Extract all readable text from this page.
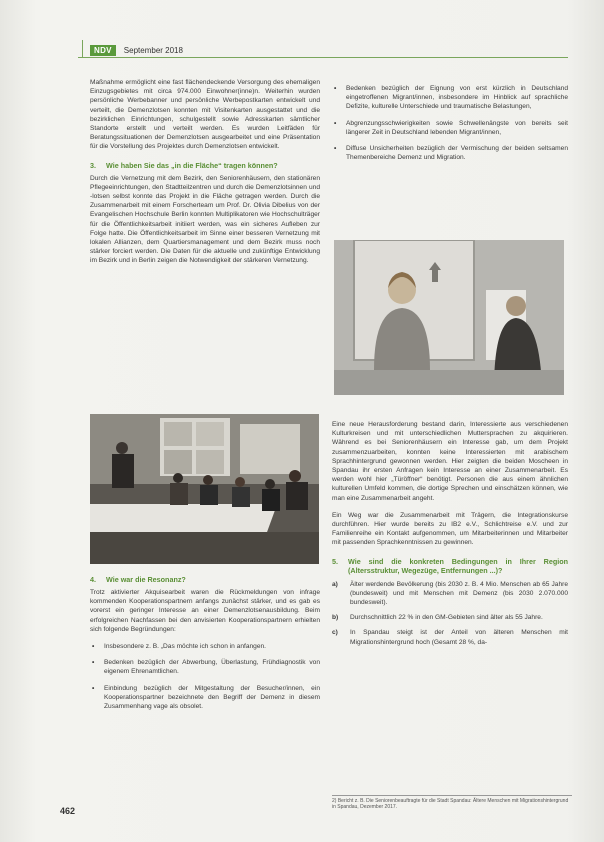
NDV	September 2018

Maßnahme ermöglicht eine fast flächendeckende Versorgung des ehemaligen Einzugsgebietes mit circa 974.000 Einwohner(inne)n. Weiterhin wurden persönliche Werbebanner und persönliche Werbepostkarten entwickelt und verteilt, die Demenzlotsen konnten mit Visitenkarten ausgestattet und die bezirklichen Einrichtungen, schulgestellt sowie Adresskarten sämtlicher Standorte erstellt und verteilt werden. Es wurden Leitfäden für Beratungssituationen der Demenzlotsen ausgearbeitet und eine Präsentation für die Vorstellung des Projektes durch Demenzlotsen entwickelt.

3.	Wie haben Sie das „in die Fläche“ tragen können?

Durch die Vernetzung mit dem Bezirk, den Seniorenhäusern, den stationären Pflegeeinrichtungen, den Stadtteilzentren und durch die Demenzlotsinnen und -lotsen selbst konnte das Projekt in die Fläche getragen werden. Durch die Zusammenarbeit mit einem Forscherteam um Prof. Dr. Olivia Dibelius von der Evangelischen Hochschule Berlin konnten Multiplikatoren wie Hochschulträger für die Öffentlichkeitsarbeit initiiert werden, was ein sicheres Aufleben zur Folge hatte. Die Öffentlichkeitsarbeit im Sinne einer besseren Vernetzung mit lokalen Allianzen, dem Quartiersmanagement und dem Bezirk muss noch stärker forciert werden. Die Daten für die aktuelle und zukünftige Entwicklung im Bezirk und in Berlin zeigen die Notwendigkeit der stärkeren Vernetzung.

4.	Wie war die Resonanz?

Trotz aktivierter Akquisearbeit waren die Rückmeldungen von infrage kommenden Kooperationspartnern anfangs zunächst stärker, und es gab es vorerst ein geringer Interesse an einer Demenzlotsenausbildung. Beim erfolgreichen Nachfassen bei den anvisierten Kooperationspartnern erhielten sich folgende Begründungen:

• Insbesondere z. B. „Das möchte ich schon in anfangen.
• Bedenken bezüglich der Abwerbung, Überlastung, Frühdiagnostik von eigenem Ehrenamtlichen.
• Einbindung bezüglich der Mitgestaltung der Besucher/innen, ein Kooperationspartner bezeichnete den Begriff der Demenz in diesem Zusammenhang vage als obsolet.
• Bedenken bezüglich der Eignung von erst kürzlich in Deutschland eingetroffenen Migrant/innen, insbesondere im Hinblick auf sprachliche Defizite, kulturelle Unterschiede und traumatische Belastungen,
• Abgrenzungsschwierigkeiten sowie Schwellenängste von bereits seit längerer Zeit in Deutschland lebenden Migrant/innen,
• Diffuse Unsicherheiten bezüglich der Vermischung der beiden seltsamen Themenbereiche Demenz und Migration.

Eine neue Herausforderung bestand darin, Interessierte aus verschiedenen Kulturkreisen und mit unterschiedlichen Muttersprachen zu akquirieren. Während es bei Seniorenhäusern ein Interesse gab, um dem Projekt zusammenzuarbeiten, konnten keine Interessierten mit arabischem Sprachhintergrund gewonnen werden. Hier zeigten die beiden Moscheen in Spandau ihr ersten Anfragen kein Interesse an einer Zusammenarbeit. Es werden wohl hier „Türöffner“ benötigt. Personen die aus einem ähnlichen kulturellen Umfeld kommen, die dortige Sprechen und einschätzen können, wie man eine Zusammenarbeit angeht.

Ein Weg war die Zusammenarbeit mit Trägern, die Integrationskurse durchführen. Hier wurde bereits zu IB2 e.V., Schlichtreise e.V. und zur Familienreihe ein Kontakt aufgenommen, um Mitarbeiterinnen und Mitarbeiter mit passenden Sprachkenntnissen zu gewinnen.

5.	Wie sind die konkreten Bedingungen in Ihrer Region (Altersstruktur, Wegezüge, Entfernungen ...)?
a)	Älter werdende Bevölkerung (bis 2030 z. B. 4 Mio. Menschen ab 65 Jahre (bundesweit) und mit Menschen mit Demenz (bis 2030 2.070.000 bundesweit).
b)	Durchschnittlich 22 % in den GM-Gebieten sind älter als 55 Jahre.
c)	In Spandau steigt ist der Anteil von älteren Menschen mit Migrationshintergrund hoch (Gesamt 28 %, da-
2) Bericht z. B. Die Seniorenbeauftragte für die Stadt Spandau: Ältere Menschen mit Migrationshintergrund in Spandau, Dezember 2017.
462
